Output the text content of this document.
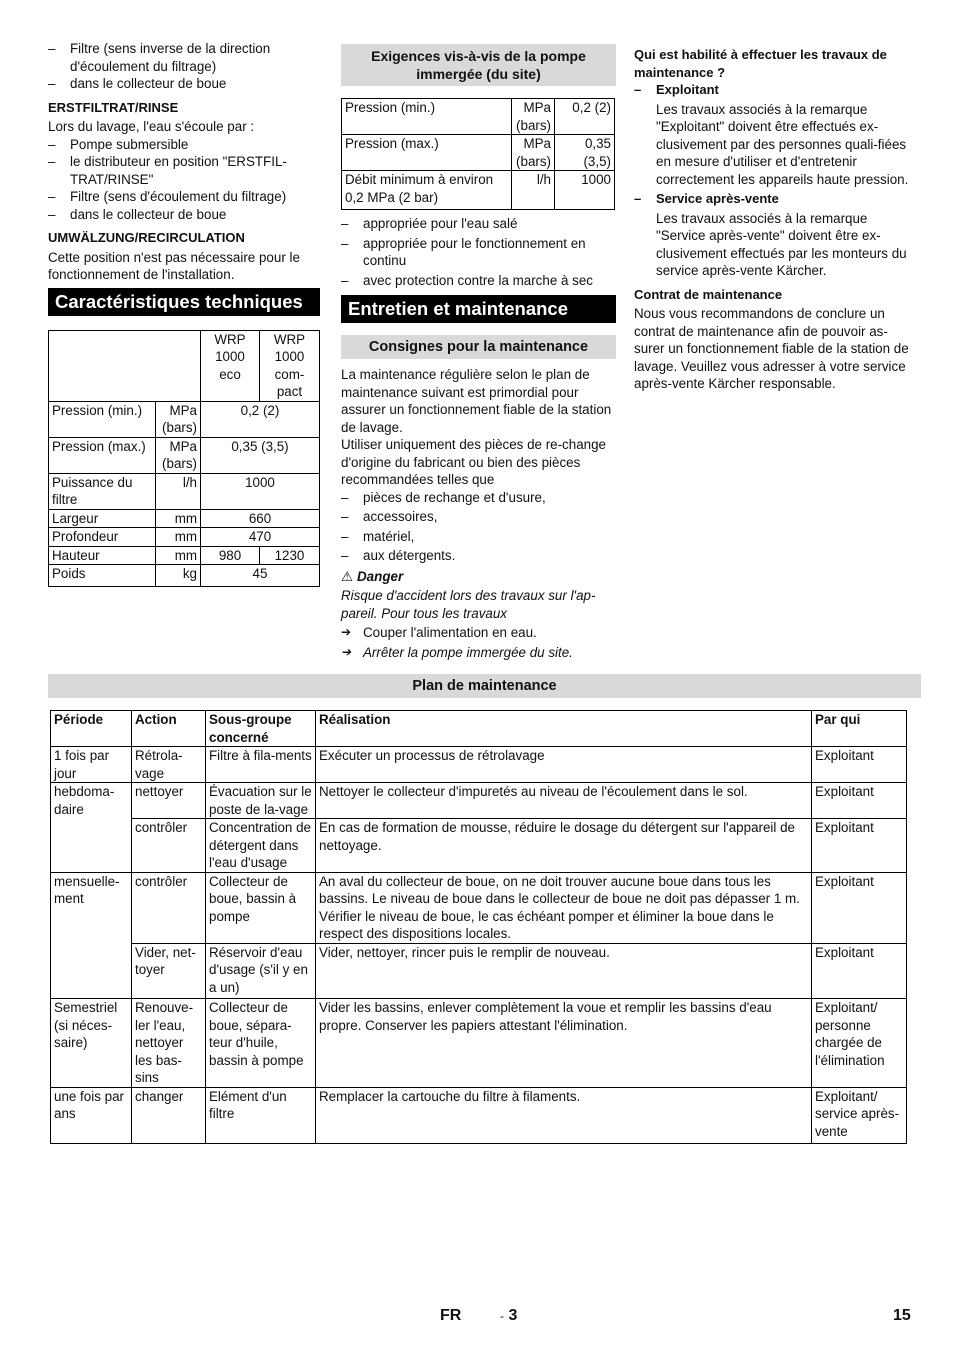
– Filtre (sens inverse de la direction d'écoulement du filtrage)

– dans le collecteur de boue

ERSTFILTRAT/RINSE

Lors du lavage, l'eau s'écoule par :

– Pompe submersible

– le distributeur en position "ERSTFIL-TRAT/RINSE"

– Filtre (sens d'écoulement du filtrage)

– dans le collecteur de boue

UMWÄLZUNG/RECIRCULATION

Cette position n'est pas nécessaire pour le fonctionnement de l'installation.

Caractéristiques techniques
		WRP 1000 eco	WRP 1000 com-pact
Pression (min.)	MPa (bars)	0,2 (2)	
Pression (max.)	MPa (bars)	0,35 (3,5)	
Puissance du filtre	l/h	1000	
Largeur	mm	660	
Profondeur	mm	470	
Hauteur	mm	980	1230
Poids	kg	45	
Exigences vis-à-vis de la pompe immergée (du site)
Pression (min.)	MPa (bars)	0,2 (2)
Pression (max.)	MPa (bars)	0,35 (3,5)
Débit minimum à environ 0,2 MPa (2 bar)	l/h	1000

– appropriée pour l'eau salé

– appropriée pour le fonctionnement en continu

– avec protection contre la marche à sec

Entretien et maintenance
Consignes pour la maintenance

La maintenance régulière selon le plan de maintenance suivant est primordial pour assurer un fonctionnement fiable de la station de lavage.

Utiliser uniquement des pièces de re-change d'origine du fabricant ou bien des pièces recommandées telles que

– pièces de rechange et d'usure,

– accessoires,

– matériel,

– aux détergents.

⚠ Danger

Risque d'accident lors des travaux sur l'ap-pareil. Pour tous les travaux

➔ Couper l'alimentation en eau.

➔ Arrêter la pompe immergée du site.

Qui est habilité à effectuer les travaux de maintenance ?

– Exploitant

Les travaux associés à la remarque "Exploitant" doivent être effectués ex-clusivement par des personnes quali-fiées en mesure d'utiliser et d'entretenir correctement les appareils haute pression.

– Service après-vente

Les travaux associés à la remarque "Service après-vente" doivent être ex-clusivement effectués par les monteurs du service après-vente Kärcher.

Contrat de maintenance

Nous vous recommandons de conclure un contrat de maintenance afin de pouvoir as-surer un fonctionnement fiable de la station de lavage. Veuillez vous adresser à votre service après-vente Kärcher responsable.

Plan de maintenance
Période	Action	Sous-groupe concerné	Réalisation	Par qui
1 fois par jour	Rétrola-vage	Filtre à fila-ments	Exécuter un processus de rétrolavage	Exploitant
hebdoma-daire	nettoyer	Évacuation sur le poste de la-vage	Nettoyer le collecteur d'impuretés au niveau de l'écoulement dans le sol.	Exploitant
	contrôler	Concentration de détergent dans l'eau d'usage	En cas de formation de mousse, réduire le dosage du détergent sur l'appareil de nettoyage.	Exploitant
mensuelle-ment	contrôler	Collecteur de boue, bassin à pompe	An aval du collecteur de boue, on ne doit trouver aucune boue dans tous les bassins. Le niveau de boue dans le collecteur de boue ne doit pas dépasser 1 m. Vérifier le niveau de boue, le cas échéant pomper et éliminer la boue dans le respect des dispositions locales.	Exploitant
	Vider, net-toyer	Réservoir d'eau d'usage (s'il y en a un)	Vider, nettoyer, rincer puis le remplir de nouveau.	Exploitant
Semestriel (si néces-saire)	Renouve-ler l'eau, nettoyer les bas-sins	Collecteur de boue, sépara-teur d'huile, bassin à pompe	Vider les bassins, enlever complètement la voue et remplir les bassins d'eau propre. Conserver les papiers attestant l'élimination.	Exploitant/ personne chargée de l'élimination
une fois par ans	changer	Elément d'un filtre	Remplacer la cartouche du filtre à filaments.	Exploitant/ service après-vente
FR	- 3	15
